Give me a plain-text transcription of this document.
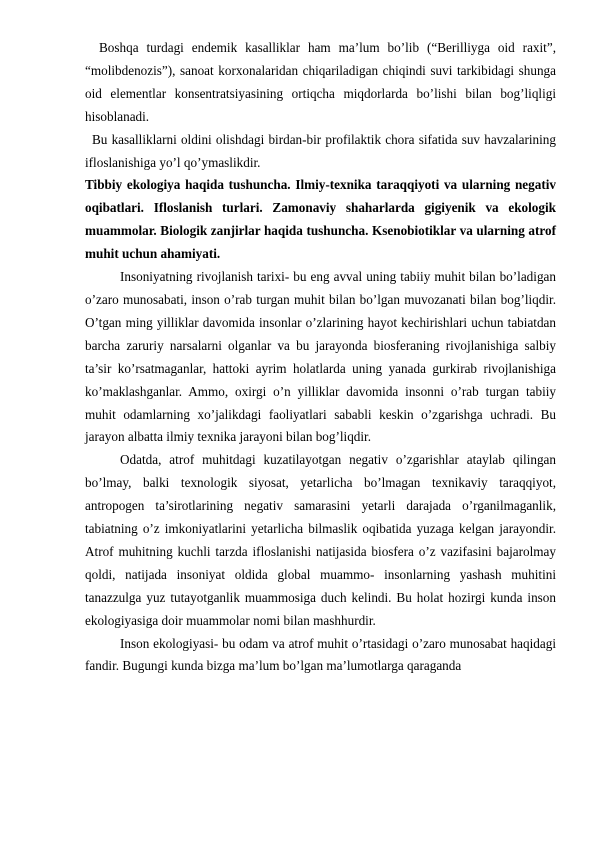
Boshqa turdagi endemik kasalliklar ham ma’lum bo’lib (“Berilliyga oid raxit”, “molibdenozis”), sanoat korxonalaridan chiqariladigan chiqindi suvi tarkibidagi shunga oid elementlar konsentratsiyasining ortiqcha miqdorlarda bo’lishi bilan bog’liqligi hisoblanadi.

Bu kasalliklarni oldini olishdagi birdan-bir profilaktik chora sifatida suv havzalarining ifloslanishiga yo’l qo’ymaslikdir.

Tibbiy ekologiya haqida tushuncha. Ilmiy-texnika taraqqiyoti va ularning negativ oqibatlari. Ifloslanish turlari. Zamonaviy shaharlarda gigiyenik va ekologik muammolar. Biologik zanjirlar haqida tushuncha. Ksenobiotiklar va ularning atrof muhit uchun ahamiyati.

Insoniyatning rivojlanish tarixi- bu eng avval uning tabiiy muhit bilan bo’ladigan o’zaro munosabati, inson o’rab turgan muhit bilan bo’lgan muvozanati bilan bog’liqdir. O’tgan ming yilliklar davomida insonlar o’zlarining hayot kechirishlari uchun tabiatdan barcha zaruriy narsalarni olganlar va bu jarayonda biosferaning rivojlanishiga salbiy ta’sir ko’rsatmaganlar, hattoki ayrim holatlarda uning yanada gurkirab rivojlanishiga ko’maklashganlar. Ammo, oxirgi o’n yilliklar davomida insonni o’rab turgan tabiiy muhit odamlarning xo’jalikdagi faoliyatlari sababli keskin o’zgarishga uchradi. Bu jarayon albatta ilmiy texnika jarayoni bilan bog’liqdir.

Odatda, atrof muhitdagi kuzatilayotgan negativ o’zgarishlar ataylab qilingan bo’lmay, balki texnologik siyosat, yetarlicha bo’lmagan texnikaviy taraqqiyot, antropogen ta’sirotlarining negativ samarasini yetarli darajada o’rganilmaganlik, tabiatning o’z imkoniyatlarini yetarlicha bilmaslik oqibatida yuzaga kelgan jarayondir. Atrof muhitning kuchli tarzda ifloslanishi natijasida biosfera o’z vazifasini bajarolmay qoldi, natijada insoniyat oldida global muammo- insonlarning yashash muhitini tanazzulga yuz tutayotganlik muammosiga duch kelindi. Bu holat hozirgi kunda inson ekologiyasiga doir muammolar nomi bilan mashhurdir.

Inson ekologiyasi- bu odam va atrof muhit o’rtasidagi o’zaro munosabat haqidagi fandir. Bugungi kunda bizga ma’lum bo’lgan ma’lumotlarga qaraganda
